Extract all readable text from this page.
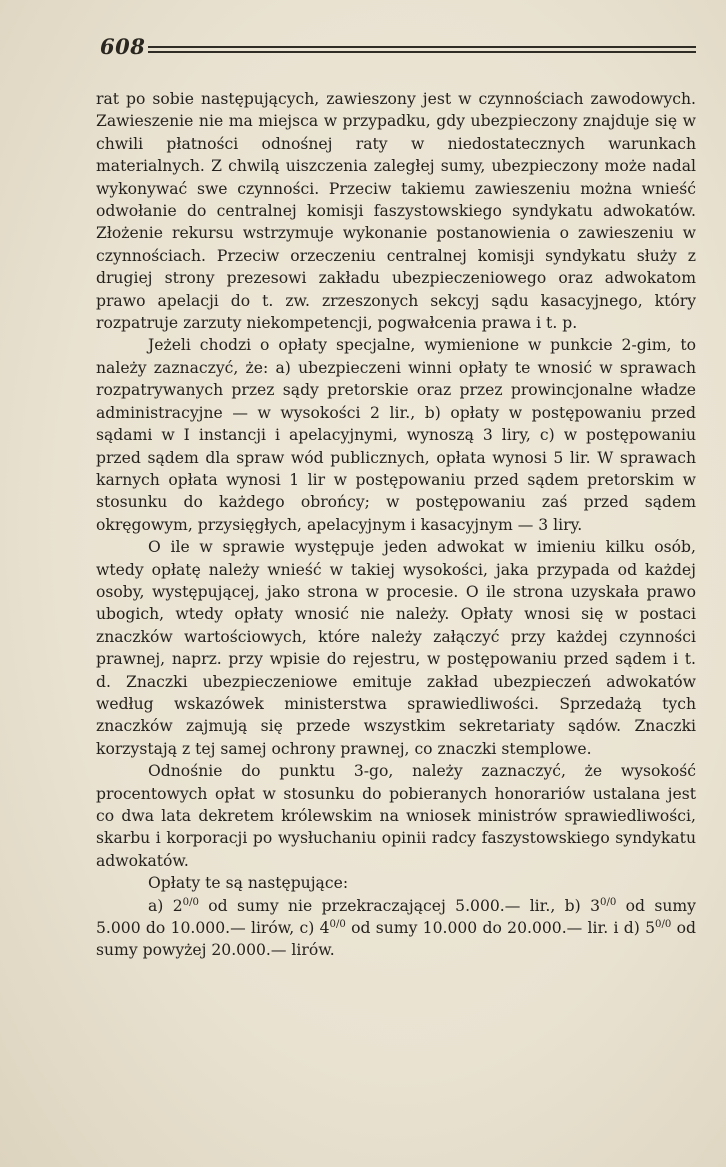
608

rat po sobie następujących, zawieszony jest w czynnościach zawodowych. Zawieszenie nie ma miejsca w przypadku, gdy ubezpieczony znajduje się w chwili płatności odnośnej raty w niedostatecznych warunkach materialnych. Z chwilą uiszczenia zaległej sumy, ubezpieczony może nadal wykonywać swe czynności. Przeciw takiemu zawieszeniu można wnieść odwołanie do centralnej komisji faszystowskiego syndykatu adwokatów. Złożenie rekursu wstrzymuje wykonanie postanowienia o zawieszeniu w czynnościach. Przeciw orzeczeniu centralnej komisji syndykatu służy z drugiej strony prezesowi zakładu ubezpieczeniowego oraz adwokatom prawo apelacji do t. zw. zrzeszonych sekcyj sądu kasacyjnego, który rozpatruje zarzuty niekompetencji, pogwałcenia prawa i t. p.

Jeżeli chodzi o opłaty specjalne, wymienione w punkcie 2-gim, to należy zaznaczyć, że: a) ubezpieczeni winni opłaty te wnosić w sprawach rozpatrywanych przez sądy pretorskie oraz przez prowincjonalne władze administracyjne — w wysokości 2 lir., b) opłaty w postępowaniu przed sądami w I instancji i apelacyjnymi, wynoszą 3 liry, c) w postępowaniu przed sądem dla spraw wód publicznych, opłata wynosi 5 lir. W sprawach karnych opłata wynosi 1 lir w postępowaniu przed sądem pretorskim w stosunku do każdego obrońcy; w postępowaniu zaś przed sądem okręgowym, przysięgłych, apelacyjnym i kasacyjnym — 3 liry.

O ile w sprawie występuje jeden adwokat w imieniu kilku osób, wtedy opłatę należy wnieść w takiej wysokości, jaka przypada od każdej osoby, występującej, jako strona w procesie. O ile strona uzyskała prawo ubogich, wtedy opłaty wnosić nie należy. Opłaty wnosi się w postaci znaczków wartościowych, które należy załączyć przy każdej czynności prawnej, naprz. przy wpisie do rejestru, w postępowaniu przed sądem i t. d. Znaczki ubezpieczeniowe emituje zakład ubezpieczeń adwokatów według wskazówek ministerstwa sprawiedliwości. Sprzedażą tych znaczków zajmują się przede wszystkim sekretariaty sądów. Znaczki korzystają z tej samej ochrony prawnej, co znaczki stemplowe.

Odnośnie do punktu 3-go, należy zaznaczyć, że wysokość procentowych opłat w stosunku do pobieranych honorariów ustalana jest co dwa lata dekretem królewskim na wniosek ministrów sprawiedliwości, skarbu i korporacji po wysłuchaniu opinii radcy faszystowskiego syndykatu adwokatów.

Opłaty te są następujące:

a) $2^{0/0}$ od sumy nie przekraczającej 5.000.— lir., b) $3^{0/0}$ od sumy 5.000 do 10.000.— lirów, c) $4^{0/0}$ od sumy 10.000 do 20.000.— lir. i d) $5^{0/0}$ od sumy powyżej 20.000.— lirów.
